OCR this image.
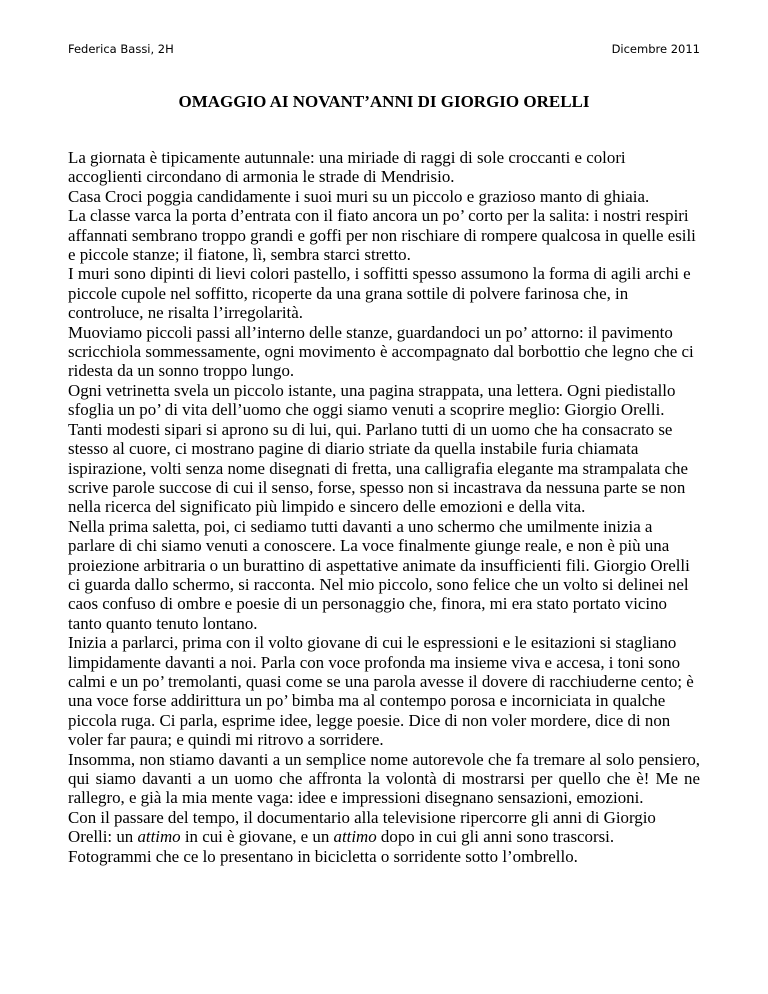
Federica Bassi, 2H	Dicembre 2011
OMAGGIO AI NOVANT’ANNI DI GIORGIO ORELLI

La giornata è tipicamente autunnale: una miriade di raggi di sole croccanti e colori accoglienti circondano di armonia le strade di Mendrisio.

Casa Croci poggia candidamente i suoi muri su un piccolo e grazioso manto di ghiaia.

La classe varca la porta d’entrata con il fiato ancora un po’ corto per la salita: i nostri respiri affannati sembrano troppo grandi e goffi per non rischiare di rompere qualcosa in quelle esili e piccole stanze; il fiatone, lì, sembra starci stretto.

I muri sono dipinti di lievi colori pastello, i soffitti spesso assumono la forma di agili archi e piccole cupole nel soffitto, ricoperte da una grana sottile di polvere farinosa che, in controluce, ne risalta l’irregolarità.

Muoviamo piccoli passi all’interno delle stanze, guardandoci un po’ attorno: il pavimento scricchiola sommessamente, ogni movimento è accompagnato dal borbottio che legno che ci ridesta da un sonno troppo lungo.

Ogni vetrinetta svela un piccolo istante, una pagina strappata, una lettera. Ogni piedistallo sfoglia un po’ di vita dell’uomo che oggi siamo venuti a scoprire meglio: Giorgio Orelli.

Tanti modesti sipari si aprono su di lui, qui. Parlano tutti di un uomo che ha consacrato se stesso al cuore, ci mostrano pagine di diario striate da quella instabile furia chiamata ispirazione, volti senza nome disegnati di fretta, una calligrafia elegante ma strampalata che scrive parole succose di cui il senso, forse, spesso non si incastrava da nessuna parte se non nella ricerca del significato più limpido e sincero delle emozioni e della vita.

Nella prima saletta, poi, ci sediamo tutti davanti a uno schermo che umilmente inizia a parlare di chi siamo venuti a conoscere. La voce finalmente giunge reale, e non è più una proiezione arbitraria o un burattino di aspettative animate da insufficienti fili. Giorgio Orelli ci guarda dallo schermo, si racconta. Nel mio piccolo, sono felice che un volto si delinei nel caos confuso di ombre e poesie di un personaggio che, finora, mi era stato portato vicino tanto quanto tenuto lontano.

Inizia a parlarci, prima con il volto giovane di cui le espressioni e le esitazioni si stagliano limpidamente davanti a noi. Parla con voce profonda ma insieme viva e accesa, i toni sono calmi e un po’ tremolanti, quasi come se una parola avesse il dovere di racchiuderne cento; è una voce forse addirittura un po’ bimba ma al contempo porosa e incorniciata in qualche piccola ruga. Ci parla, esprime idee, legge poesie. Dice di non voler mordere, dice di non voler far paura; e quindi mi ritrovo a sorridere.

Insomma, non stiamo davanti a un semplice nome autorevole che fa tremare al solo pensiero, qui siamo davanti a un uomo che affronta la volontà di mostrarsi per quello che è! Me ne rallegro, e già la mia mente vaga: idee e impressioni disegnano sensazioni, emozioni.

Con il passare del tempo, il documentario alla televisione ripercorre gli anni di Giorgio Orelli: un attimo in cui è giovane, e un attimo dopo in cui gli anni sono trascorsi. Fotogrammi che ce lo presentano in bicicletta o sorridente sotto l’ombrello.
